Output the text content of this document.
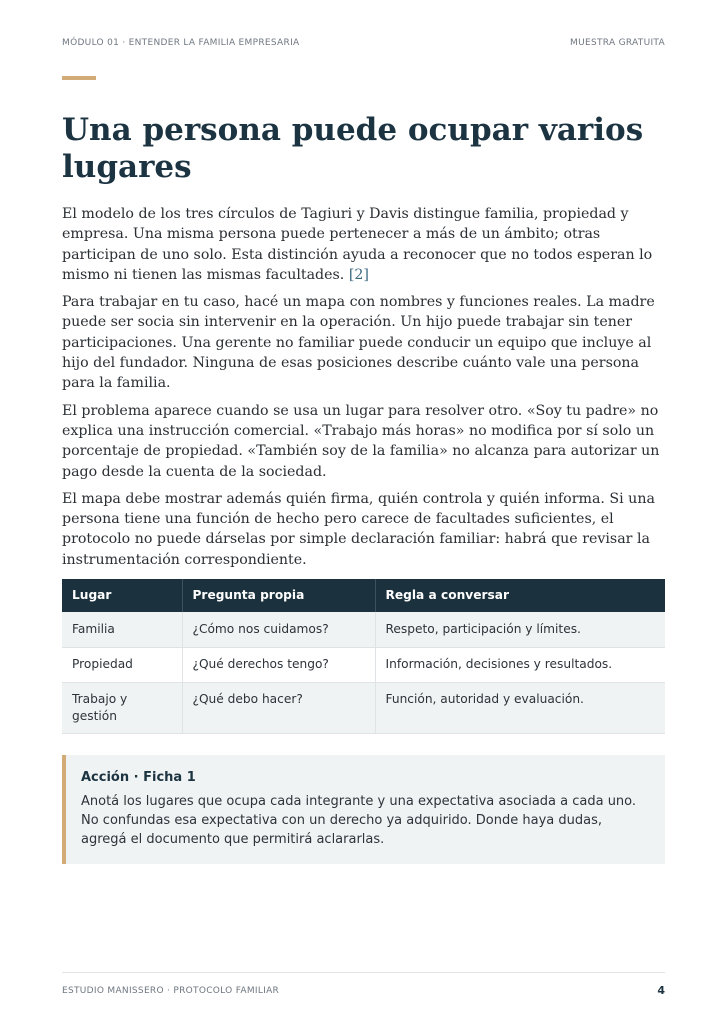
MÓDULO 01 · ENTENDER LA FAMILIA EMPRESARIA	MUESTRA GRATUITA
Una persona puede ocupar varios lugares

El modelo de los tres círculos de Tagiuri y Davis distingue familia, propiedad y empresa. Una misma persona puede pertenecer a más de un ámbito; otras participan de uno solo. Esta distinción ayuda a reconocer que no todos esperan lo mismo ni tienen las mismas facultades. [2]

Para trabajar en tu caso, hacé un mapa con nombres y funciones reales. La madre puede ser socia sin intervenir en la operación. Un hijo puede trabajar sin tener participaciones. Una gerente no familiar puede conducir un equipo que incluye al hijo del fundador. Ninguna de esas posiciones describe cuánto vale una persona para la familia.

El problema aparece cuando se usa un lugar para resolver otro. «Soy tu padre» no explica una instrucción comercial. «Trabajo más horas» no modifica por sí solo un porcentaje de propiedad. «También soy de la familia» no alcanza para autorizar un pago desde la cuenta de la sociedad.

El mapa debe mostrar además quién firma, quién controla y quién informa. Si una persona tiene una función de hecho pero carece de facultades suficientes, el protocolo no puede dárselas por simple declaración familiar: habrá que revisar la instrumentación correspondiente.

Lugar	Pregunta propia	Regla a conversar
Familia	¿Cómo nos cuidamos?	Respeto, participación y límites.
Propiedad	¿Qué derechos tengo?	Información, decisiones y resultados.
Trabajo y gestión	¿Qué debo hacer?	Función, autoridad y evaluación.
Acción · Ficha 1

Anotá los lugares que ocupa cada integrante y una expectativa asociada a cada uno. No confundas esa expectativa con un derecho ya adquirido. Donde haya dudas, agregá el documento que permitirá aclararlas.

ESTUDIO MANISSERO · PROTOCOLO FAMILIAR	4
